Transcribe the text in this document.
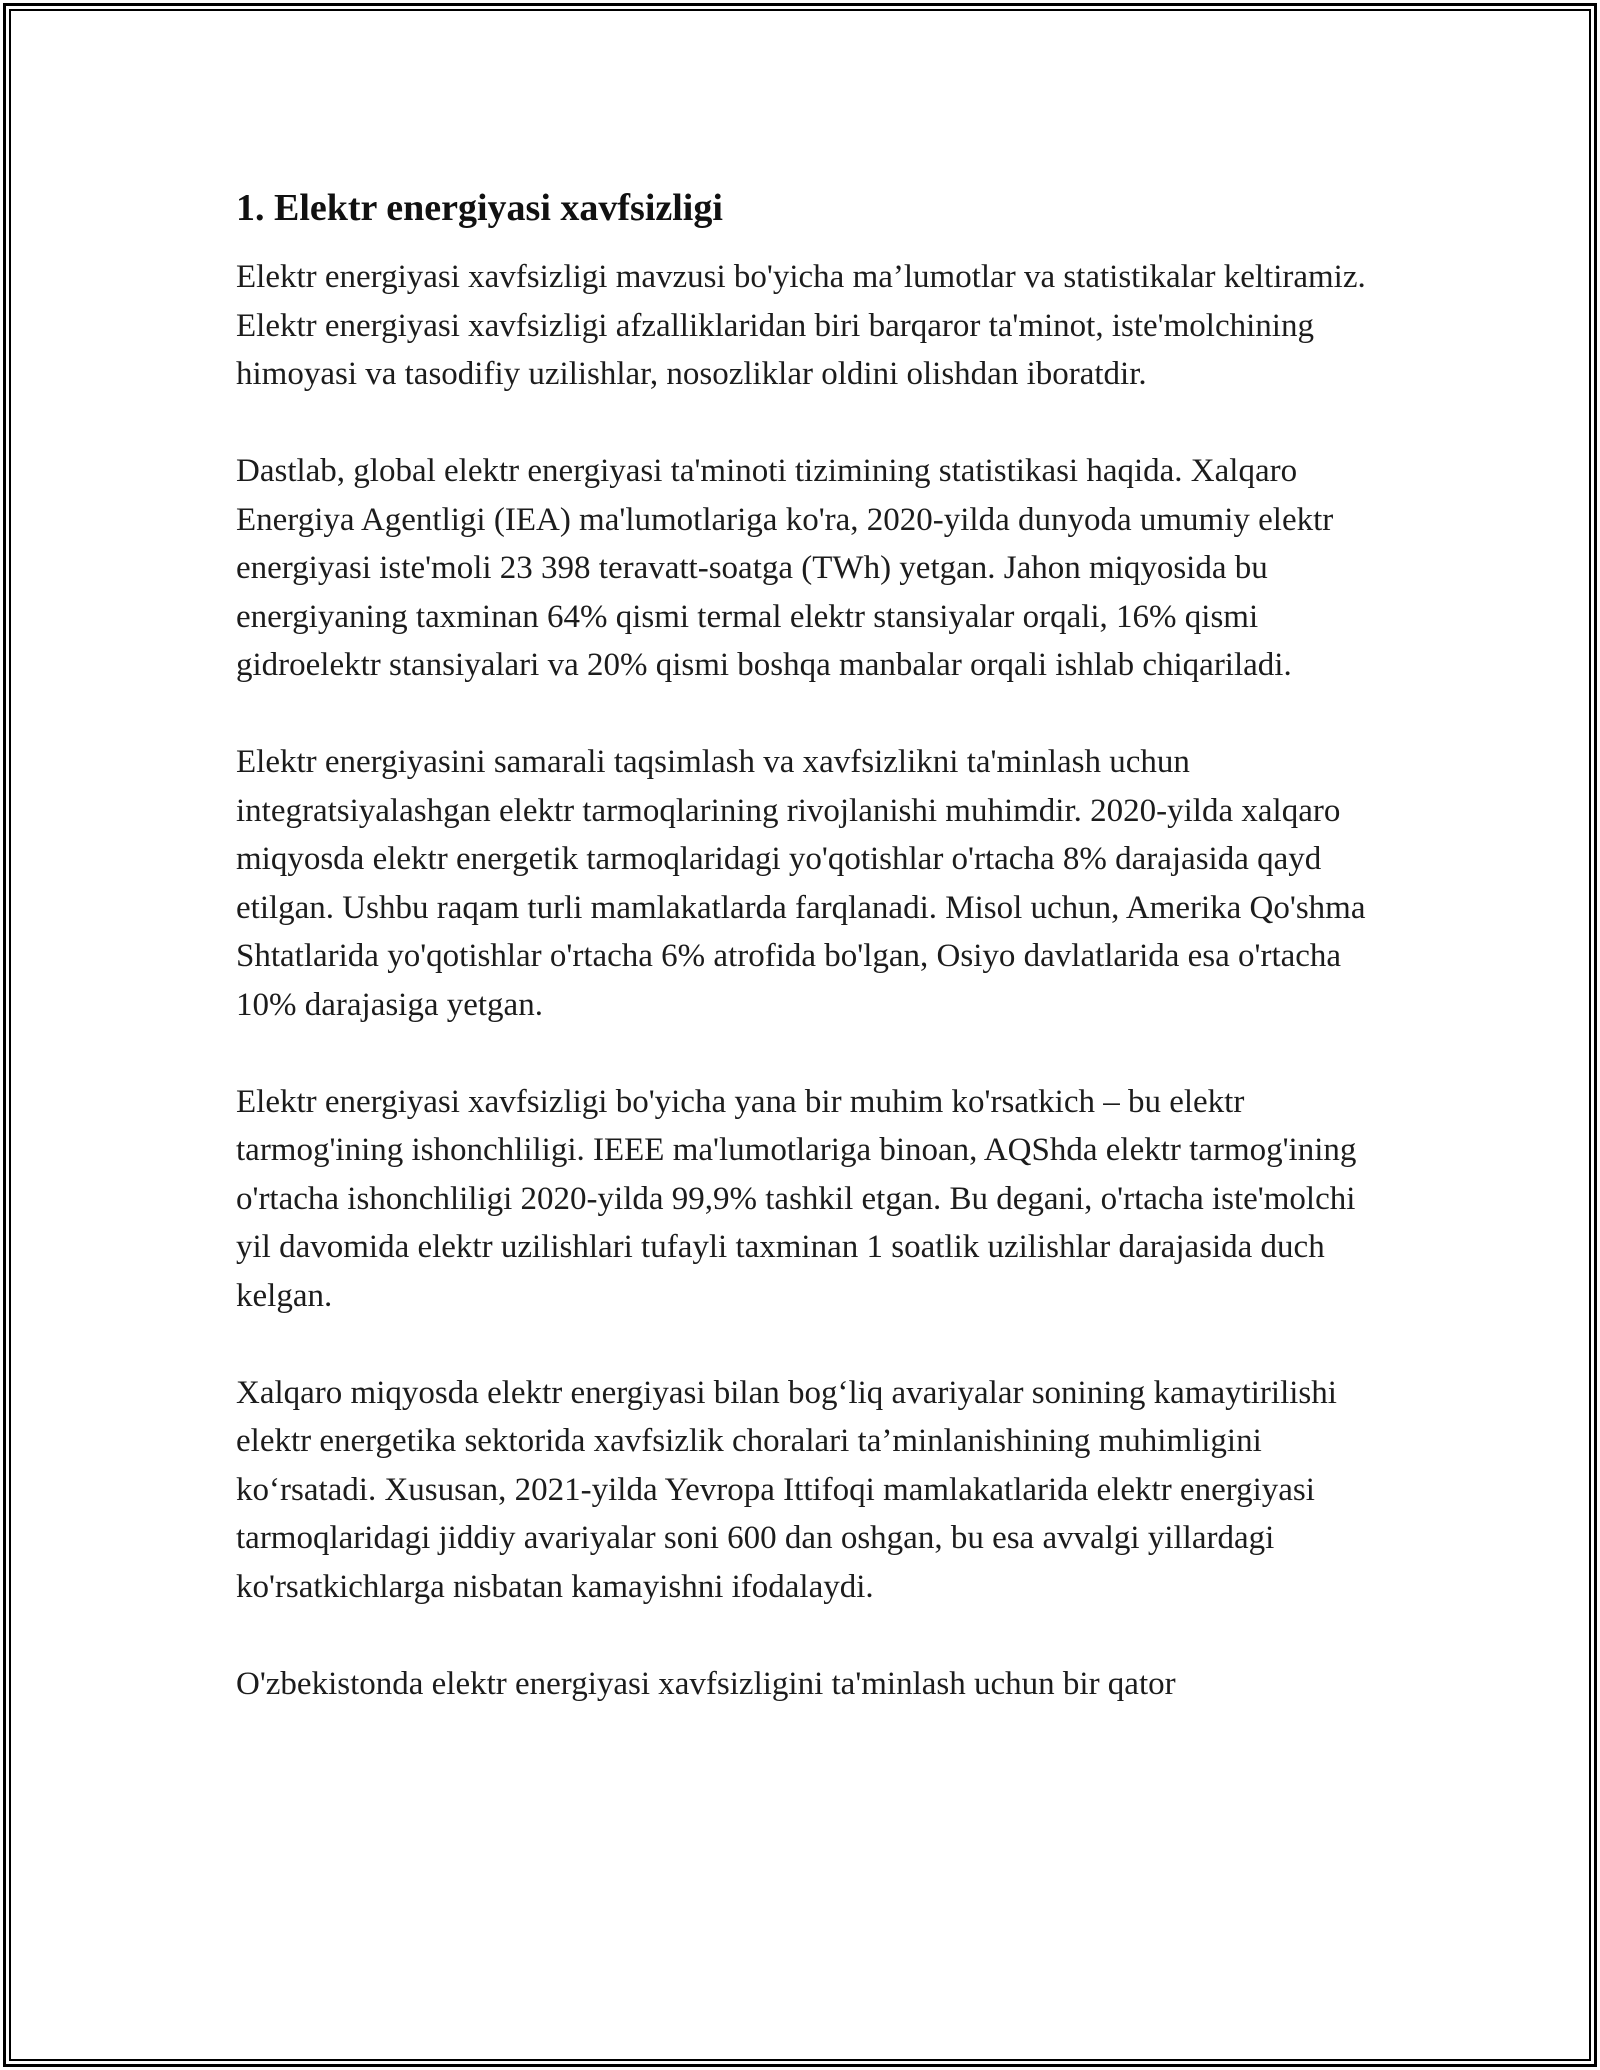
1. Elektr energiyasi xavfsizligi

Elektr energiyasi xavfsizligi mavzusi bo'yicha ma’lumotlar va statistikalar keltiramiz. Elektr energiyasi xavfsizligi afzalliklaridan biri barqaror ta'minot, iste'molchining himoyasi va tasodifiy uzilishlar, nosozliklar oldini olishdan iboratdir.

Dastlab, global elektr energiyasi ta'minoti tizimining statistikasi haqida. Xalqaro Energiya Agentligi (IEA) ma'lumotlariga ko'ra, 2020-yilda dunyoda umumiy elektr energiyasi iste'moli 23 398 teravatt-soatga (TWh) yetgan. Jahon miqyosida bu energiyaning taxminan 64% qismi termal elektr stansiyalar orqali, 16% qismi gidroelektr stansiyalari va 20% qismi boshqa manbalar orqali ishlab chiqariladi.

Elektr energiyasini samarali taqsimlash va xavfsizlikni ta'minlash uchun integratsiyalashgan elektr tarmoqlarining rivojlanishi muhimdir. 2020-yilda xalqaro miqyosda elektr energetik tarmoqlaridagi yo'qotishlar o'rtacha 8% darajasida qayd etilgan. Ushbu raqam turli mamlakatlarda farqlanadi. Misol uchun, Amerika Qo'shma Shtatlarida yo'qotishlar o'rtacha 6% atrofida bo'lgan, Osiyo davlatlarida esa o'rtacha 10% darajasiga yetgan.

Elektr energiyasi xavfsizligi bo'yicha yana bir muhim ko'rsatkich – bu elektr tarmog'ining ishonchliligi. IEEE ma'lumotlariga binoan, AQShda elektr tarmog'ining o'rtacha ishonchliligi 2020-yilda 99,9% tashkil etgan. Bu degani, o'rtacha iste'molchi yil davomida elektr uzilishlari tufayli taxminan 1 soatlik uzilishlar darajasida duch kelgan.

Xalqaro miqyosda elektr energiyasi bilan bog‘liq avariyalar sonining kamaytirilishi elektr energetika sektorida xavfsizlik choralari ta’minlanishining muhimligini ko‘rsatadi. Xususan, 2021-yilda Yevropa Ittifoqi mamlakatlarida elektr energiyasi tarmoqlaridagi jiddiy avariyalar soni 600 dan oshgan, bu esa avvalgi yillardagi ko'rsatkichlarga nisbatan kamayishni ifodalaydi.

O'zbekistonda elektr energiyasi xavfsizligini ta'minlash uchun bir qator
